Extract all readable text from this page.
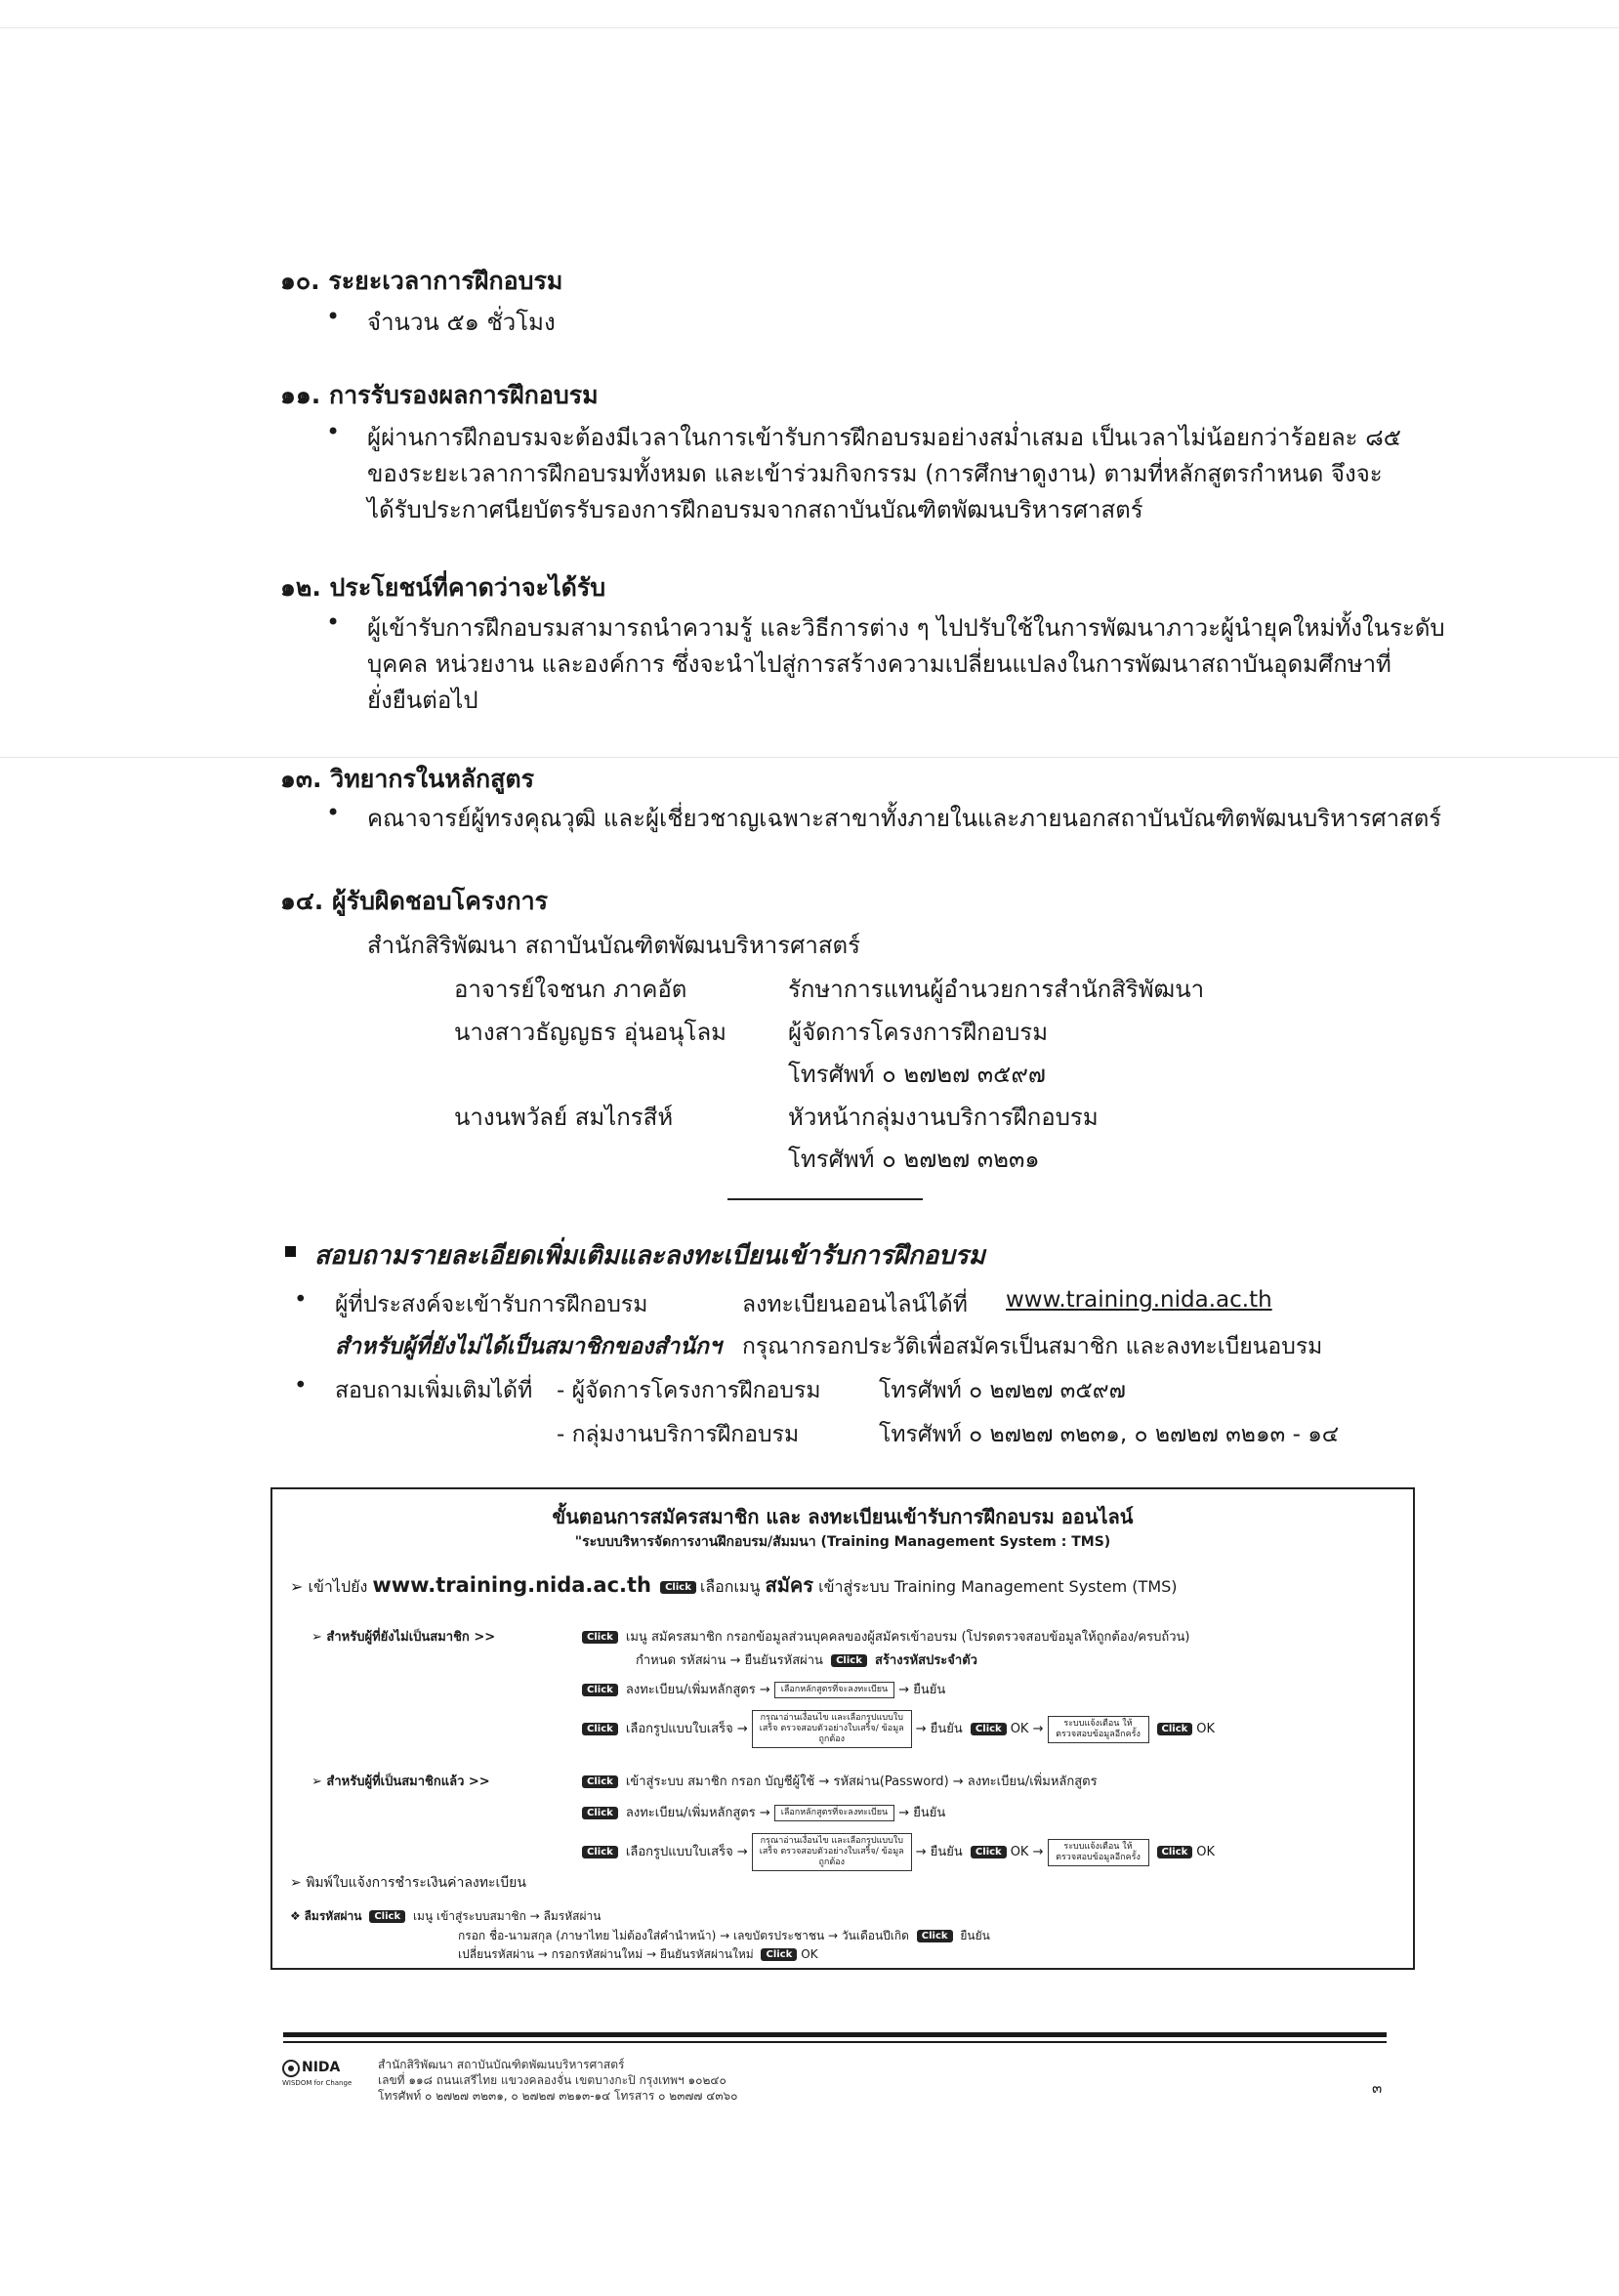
๑๐. ระยะเวลาการฝึกอบรม
• จำนวน ๕๑ ชั่วโมง
๑๑. การรับรองผลการฝึกอบรม
• ผู้ผ่านการฝึกอบรมจะต้องมีเวลาในการเข้ารับการฝึกอบรมอย่างสม่ำเสมอ เป็นเวลาไม่น้อยกว่าร้อยละ ๘๕
ของระยะเวลาการฝึกอบรมทั้งหมด และเข้าร่วมกิจกรรม (การศึกษาดูงาน) ตามที่หลักสูตรกำหนด จึงจะ
ได้รับประกาศนียบัตรรับรองการฝึกอบรมจากสถาบันบัณฑิตพัฒนบริหารศาสตร์
๑๒. ประโยชน์ที่คาดว่าจะได้รับ
• ผู้เข้ารับการฝึกอบรมสามารถนำความรู้ และวิธีการต่าง ๆ ไปปรับใช้ในการพัฒนาภาวะผู้นำยุคใหม่ทั้งในระดับ
บุคคล หน่วยงาน และองค์การ ซึ่งจะนำไปสู่การสร้างความเปลี่ยนแปลงในการพัฒนาสถาบันอุดมศึกษาที่
ยั่งยืนต่อไป
๑๓. วิทยากรในหลักสูตร
• คณาจารย์ผู้ทรงคุณวุฒิ และผู้เชี่ยวชาญเฉพาะสาขาทั้งภายในและภายนอกสถาบันบัณฑิตพัฒนบริหารศาสตร์
๑๔. ผู้รับผิดชอบโครงการ
สำนักสิริพัฒนา สถาบันบัณฑิตพัฒนบริหารศาสตร์
อาจารย์ใจชนก ภาคอัต	รักษาการแทนผู้อำนวยการสำนักสิริพัฒนา
นางสาวธัญญธร อุ่นอนุโลม	ผู้จัดการโครงการฝึกอบรม
โทรศัพท์ ๐ ๒๗๒๗ ๓๕๙๗
นางนพวัลย์ สมไกรสีห์	หัวหน้ากลุ่มงานบริการฝึกอบรม
โทรศัพท์ ๐ ๒๗๒๗ ๓๒๓๑
สอบถามรายละเอียดเพิ่มเติมและลงทะเบียนเข้ารับการฝึกอบรม
• ผู้ที่ประสงค์จะเข้ารับการฝึกอบรม	ลงทะเบียนออนไลน์ได้ที่ www.training.nida.ac.th
สำหรับผู้ที่ยังไม่ได้เป็นสมาชิกของสำนักฯ กรุณากรอกประวัติเพื่อสมัครเป็นสมาชิก และลงทะเบียนอบรม
• สอบถามเพิ่มเติมได้ที่ - ผู้จัดการโครงการฝึกอบรม	โทรศัพท์ ๐ ๒๗๒๗ ๓๕๙๗
- กลุ่มงานบริการฝึกอบรม	โทรศัพท์ ๐ ๒๗๒๗ ๓๒๓๑, ๐ ๒๗๒๗ ๓๒๑๓ - ๑๔
ขั้นตอนการสมัครสมาชิก และ ลงทะเบียนเข้ารับการฝึกอบรม ออนไลน์
"ระบบบริหารจัดการงานฝึกอบรม/สัมมนา (Training Management System : TMS)
➢ เข้าไปยัง www.training.nida.ac.th Click เลือกเมนู สมัคร เข้าสู่ระบบ Training Management System (TMS)
➢ สำหรับผู้ที่ยังไม่เป็นสมาชิก >>	Click เมนู สมัครสมาชิก กรอกข้อมูลส่วนบุคคลของผู้สมัครเข้าอบรม (โปรดตรวจสอบข้อมูลให้ถูกต้อง/ครบถ้วน)
กำหนด รหัสผ่าน → ยืนยันรหัสผ่าน Click สร้างรหัสประจำตัว
Click ลงทะเบียน/เพิ่มหลักสูตร → เลือกหลักสูตรที่จะลงทะเบียน → ยืนยัน
Click เลือกรูปแบบใบเสร็จ →กรุณาอ่านเงื่อนไข และเลือกรูปแบบใบเสร็จ ตรวจสอบตัวอย่างใบเสร็จ/ ข้อมูลถูกต้อง→ ยืนยัน Click OK → ระบบแจ้งเตือน ให้ตรวจสอบข้อมูลอีกครั้ง Click OK
➢ สำหรับผู้ที่เป็นสมาชิกแล้ว >>	Click เข้าสู่ระบบ สมาชิก กรอก บัญชีผู้ใช้ → รหัสผ่าน(Password) → ลงทะเบียน/เพิ่มหลักสูตร
Click ลงทะเบียน/เพิ่มหลักสูตร → เลือกหลักสูตรที่จะลงทะเบียน → ยืนยัน
Click เลือกรูปแบบใบเสร็จ →กรุณาอ่านเงื่อนไข และเลือกรูปแบบใบเสร็จ ตรวจสอบตัวอย่างใบเสร็จ/ ข้อมูลถูกต้อง→ ยืนยัน Click OK → ระบบแจ้งเตือน ให้ตรวจสอบข้อมูลอีกครั้ง Click OK
➢ พิมพ์ใบแจ้งการชำระเงินค่าลงทะเบียน
❖ ลืมรหัสผ่าน Click เมนู เข้าสู่ระบบสมาชิก → ลืมรหัสผ่าน
กรอก ชื่อ-นามสกุล (ภาษาไทย ไม่ต้องใส่คำนำหน้า) → เลขบัตรประชาชน → วันเดือนปีเกิด Click ยืนยัน
เปลี่ยนรหัสผ่าน → กรอกรหัสผ่านใหม่ → ยืนยันรหัสผ่านใหม่ Click OK
NIDA
WISDOM for Change
สำนักสิริพัฒนา สถาบันบัณฑิตพัฒนบริหารศาสตร์
เลขที่ ๑๑๘ ถนนเสรีไทย แขวงคลองจั่น เขตบางกะปิ กรุงเทพฯ ๑๐๒๔๐
โทรศัพท์ ๐ ๒๗๒๗ ๓๒๓๑, ๐ ๒๗๒๗ ๓๒๑๓-๑๔ โทรสาร ๐ ๒๓๗๗ ๔๓๖๐	๓
